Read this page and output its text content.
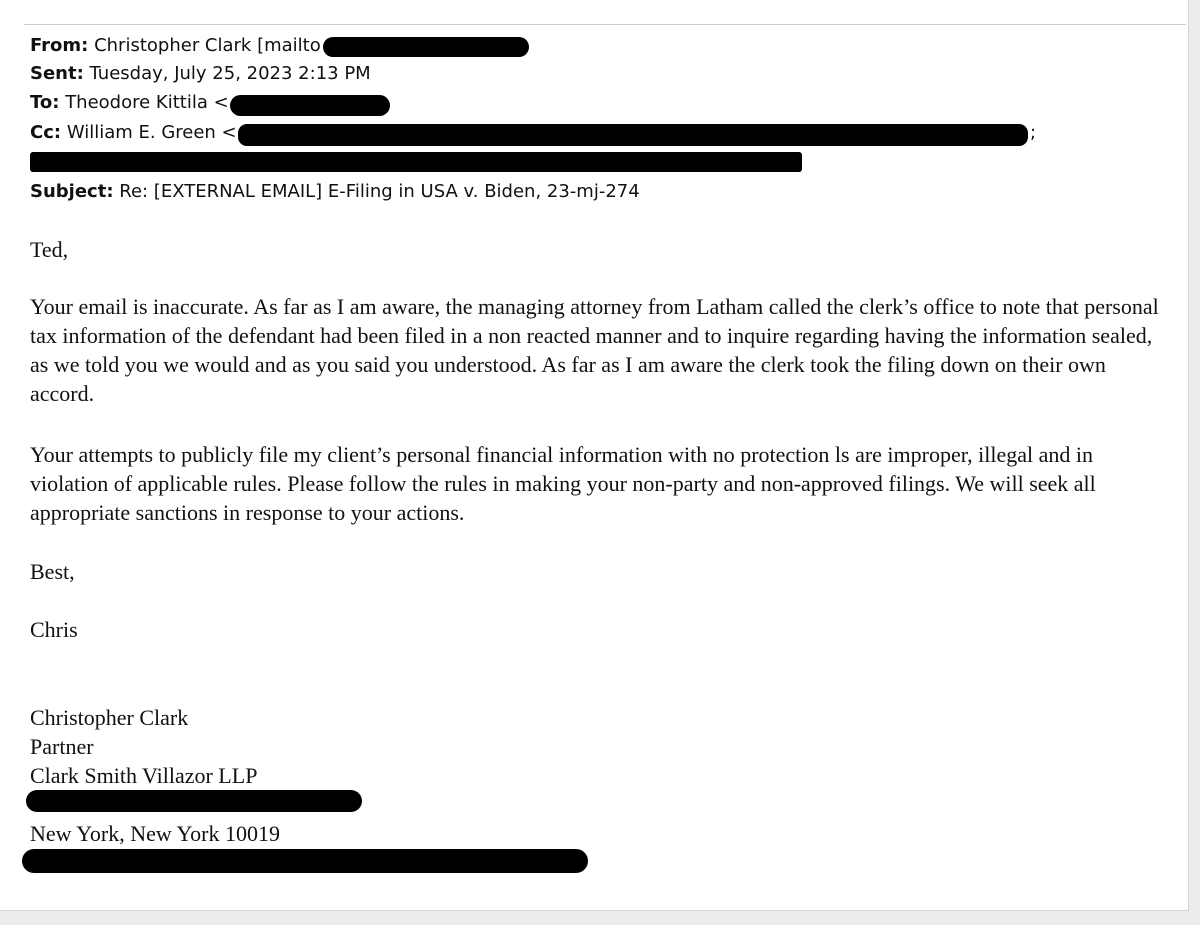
From: Christopher Clark [mailto
Sent: Tuesday, July 25, 2023 2:13 PM
To: Theodore Kittila <
Cc: William E. Green <	;
Subject: Re: [EXTERNAL EMAIL] E-Filing in USA v. Biden, 23-mj-274
Ted,
Your email is inaccurate. As far as I am aware, the managing attorney from Latham called the clerk’s office to note that personal tax information of the defendant had been filed in a non reacted manner and to inquire regarding having the information sealed, as we told you we would and as you said you understood. As far as I am aware the clerk took the filing down on their own accord.
Your attempts to publicly file my client’s personal financial information with no protection ls are improper, illegal and in violation of applicable rules. Please follow the rules in making your non-party and non-approved filings. We will seek all appropriate sanctions in response to your actions.
Best,
Chris
Christopher Clark
Partner
Clark Smith Villazor LLP
New York, New York 10019
